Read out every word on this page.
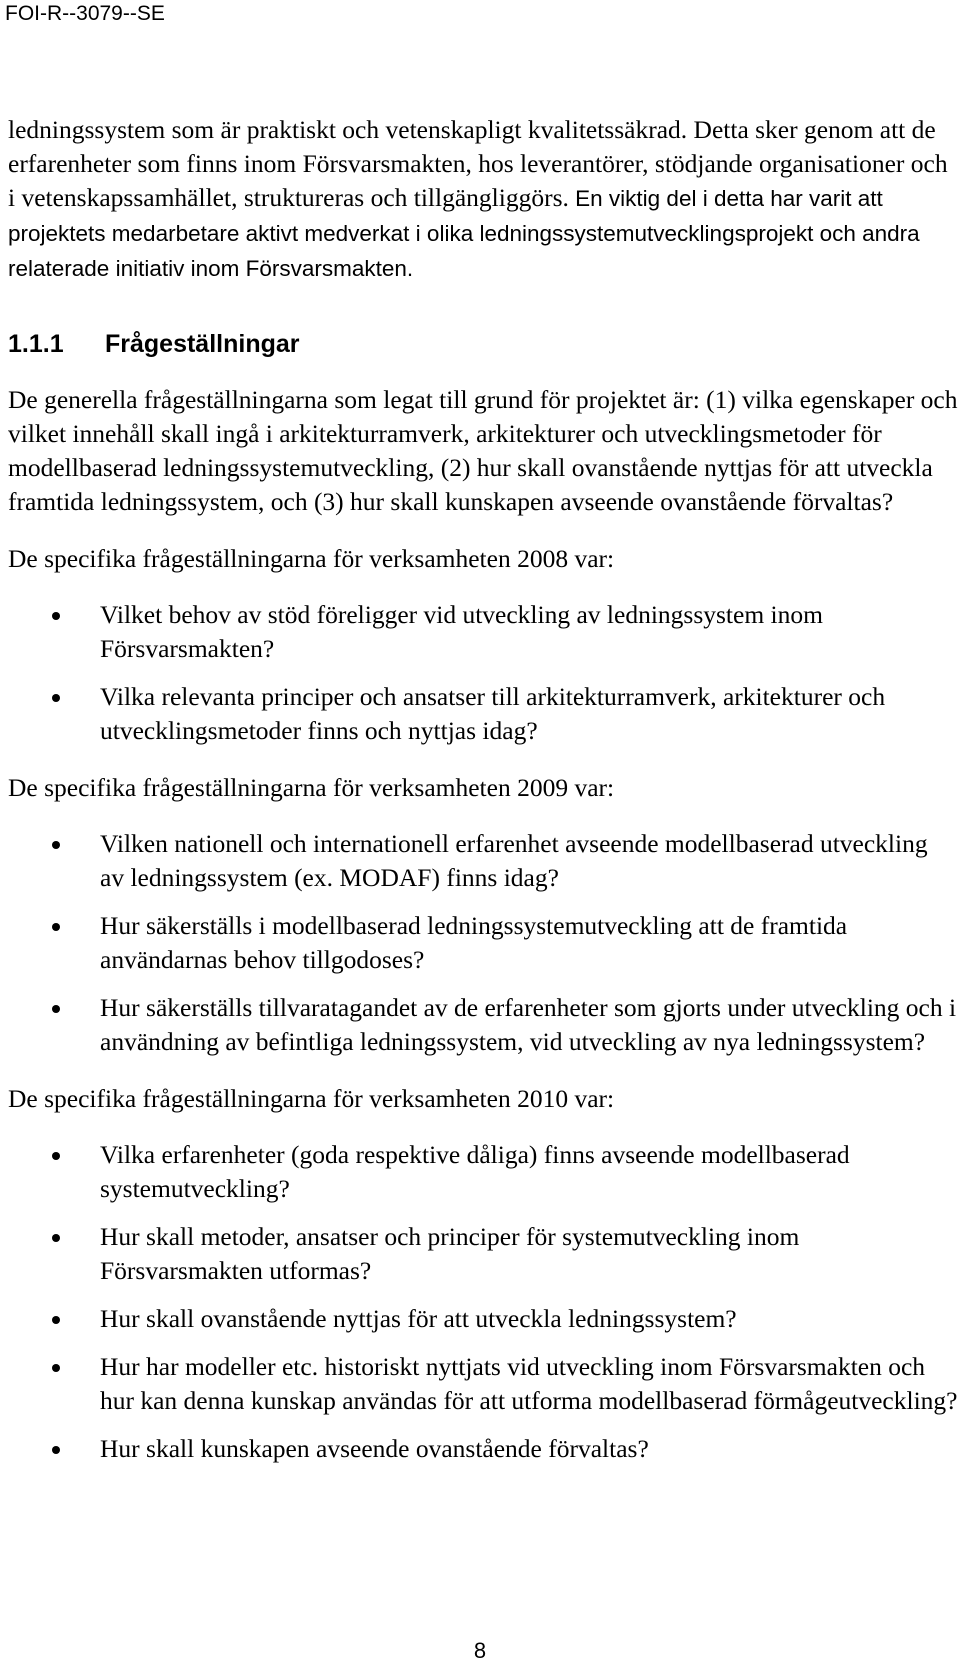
FOI-R--3079--SE

ledningssystem som är praktiskt och vetenskapligt kvalitetssäkrad. Detta sker genom att de erfarenheter som finns inom Försvarsmakten, hos leverantörer, stödjande organisationer och i vetenskapssamhället, struktureras och tillgängliggörs. En viktig del i detta har varit att projektets medarbetare aktivt medverkat i olika ledningssystemutvecklingsprojekt och andra relaterade initiativ inom Försvarsmakten.

1.1.1	Frågeställningar

De generella frågeställningarna som legat till grund för projektet är: (1) vilka egenskaper och vilket innehåll skall ingå i arkitekturramverk, arkitekturer och utvecklingsmetoder för modellbaserad ledningssystemutveckling, (2) hur skall ovanstående nyttjas för att utveckla framtida ledningssystem, och (3) hur skall kunskapen avseende ovanstående förvaltas?

De specifika frågeställningarna för verksamheten 2008 var:

Vilket behov av stöd föreligger vid utveckling av ledningssystem inom Försvarsmakten?
Vilka relevanta principer och ansatser till arkitekturramverk, arkitekturer och utvecklingsmetoder finns och nyttjas idag?

De specifika frågeställningarna för verksamheten 2009 var:

Vilken nationell och internationell erfarenhet avseende modellbaserad utveckling av ledningssystem (ex. MODAF) finns idag?
Hur säkerställs i modellbaserad ledningssystemutveckling att de framtida användarnas behov tillgodoses?
Hur säkerställs tillvaratagandet av de erfarenheter som gjorts under utveckling och i användning av befintliga ledningssystem, vid utveckling av nya ledningssystem?

De specifika frågeställningarna för verksamheten 2010 var:

Vilka erfarenheter (goda respektive dåliga) finns avseende modellbaserad systemutveckling?
Hur skall metoder, ansatser och principer för systemutveckling inom Försvarsmakten utformas?
Hur skall ovanstående nyttjas för att utveckla ledningssystem?
Hur har modeller etc. historiskt nyttjats vid utveckling inom Försvarsmakten och hur kan denna kunskap användas för att utforma modellbaserad förmågeutveckling?
Hur skall kunskapen avseende ovanstående förvaltas?
8
